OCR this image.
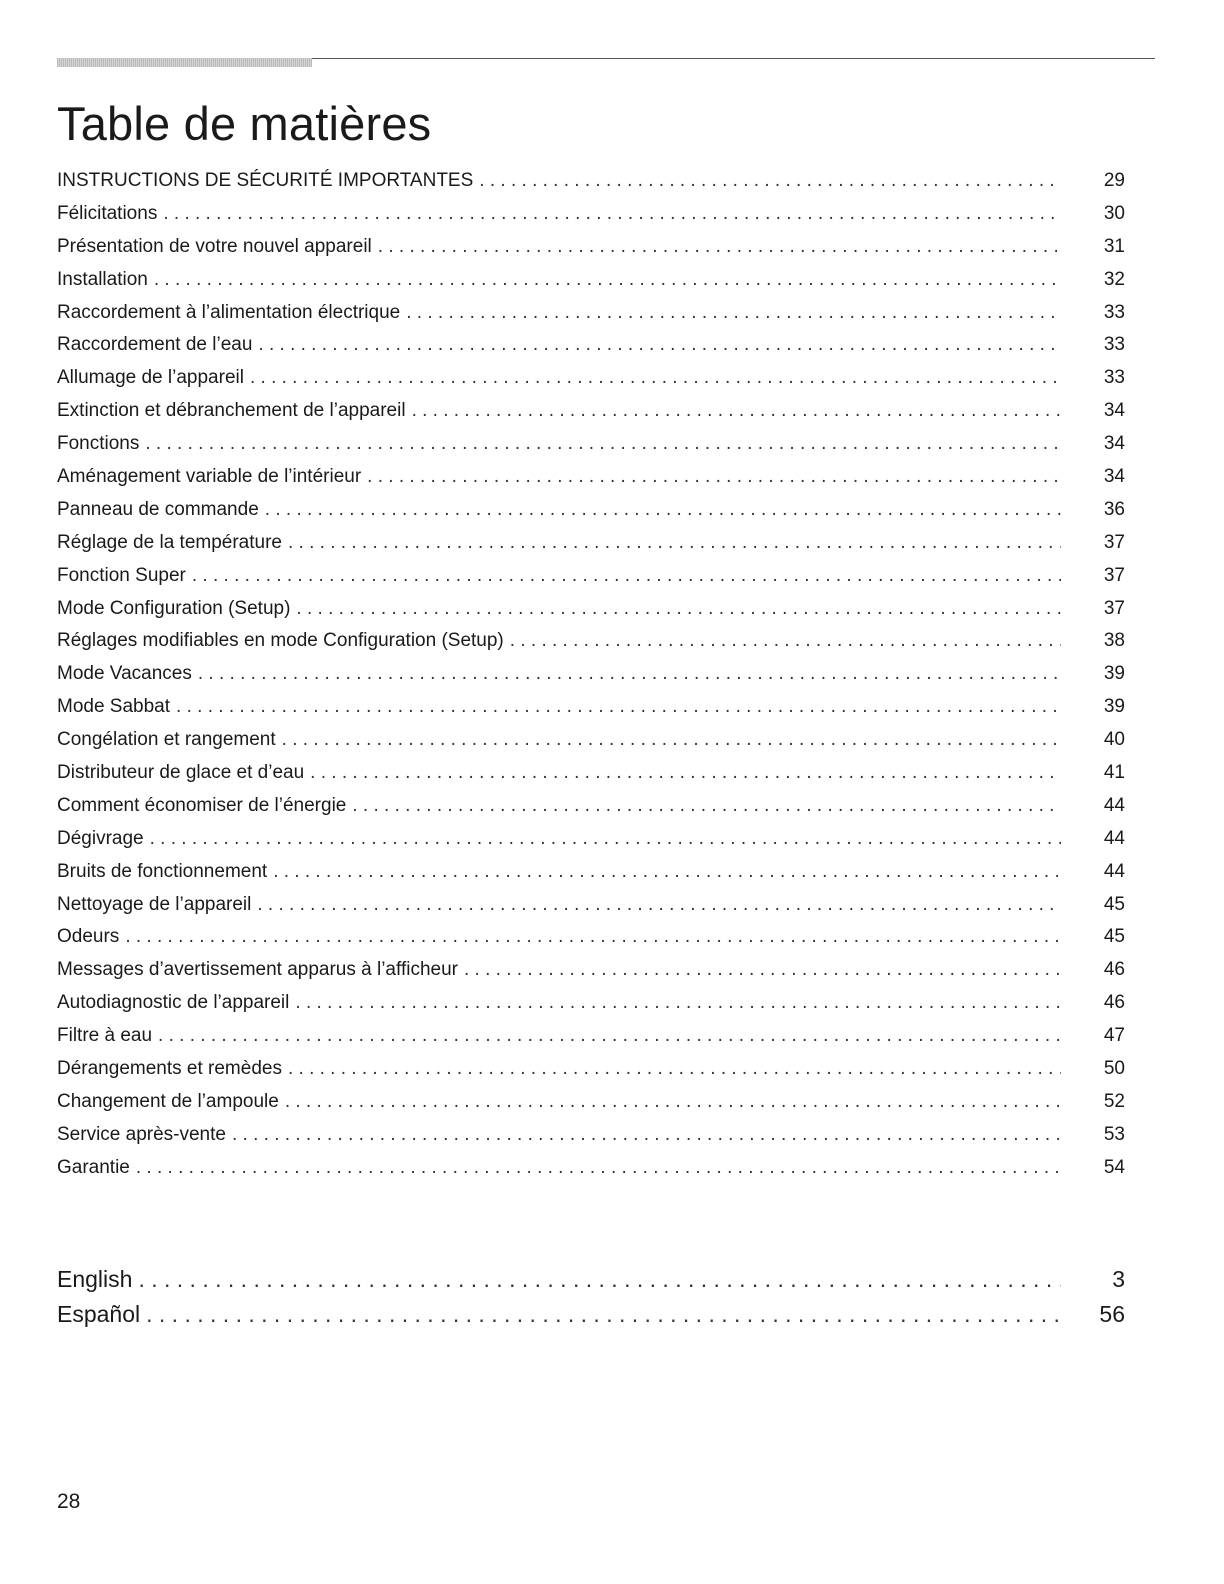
Table de matières
INSTRUCTIONS DE SÉCURITÉ IMPORTANTES . . .	29
Félicitations . . .	30
Présentation de votre nouvel appareil . . .	31
Installation . . .	32
Raccordement à l’alimentation électrique . . .	33
Raccordement de l’eau . . .	33
Allumage de l’appareil . . .	33
Extinction et débranchement de l’appareil . . .	34
Fonctions . . .	34
Aménagement variable de l’intérieur . . .	34
Panneau de commande . . .	36
Réglage de la température . . .	37
Fonction Super . . .	37
Mode Configuration (Setup) . . .	37
Réglages modifiables en mode Configuration (Setup) . . .	38
Mode Vacances . . .	39
Mode Sabbat . . .	39
Congélation et rangement . . .	40
Distributeur de glace et d’eau . . .	41
Comment économiser de l’énergie . . .	44
Dégivrage . . .	44
Bruits de fonctionnement . . .	44
Nettoyage de l’appareil . . .	45
Odeurs . . .	45
Messages d’avertissement apparus à l’afficheur . . .	46
Autodiagnostic de l’appareil . . .	46
Filtre à eau . . .	47
Dérangements et remèdes . . .	50
Changement de l’ampoule . . .	52
Service après-vente . . .	53
Garantie . . .	54
English . . .	3
Español . . .	56
28
